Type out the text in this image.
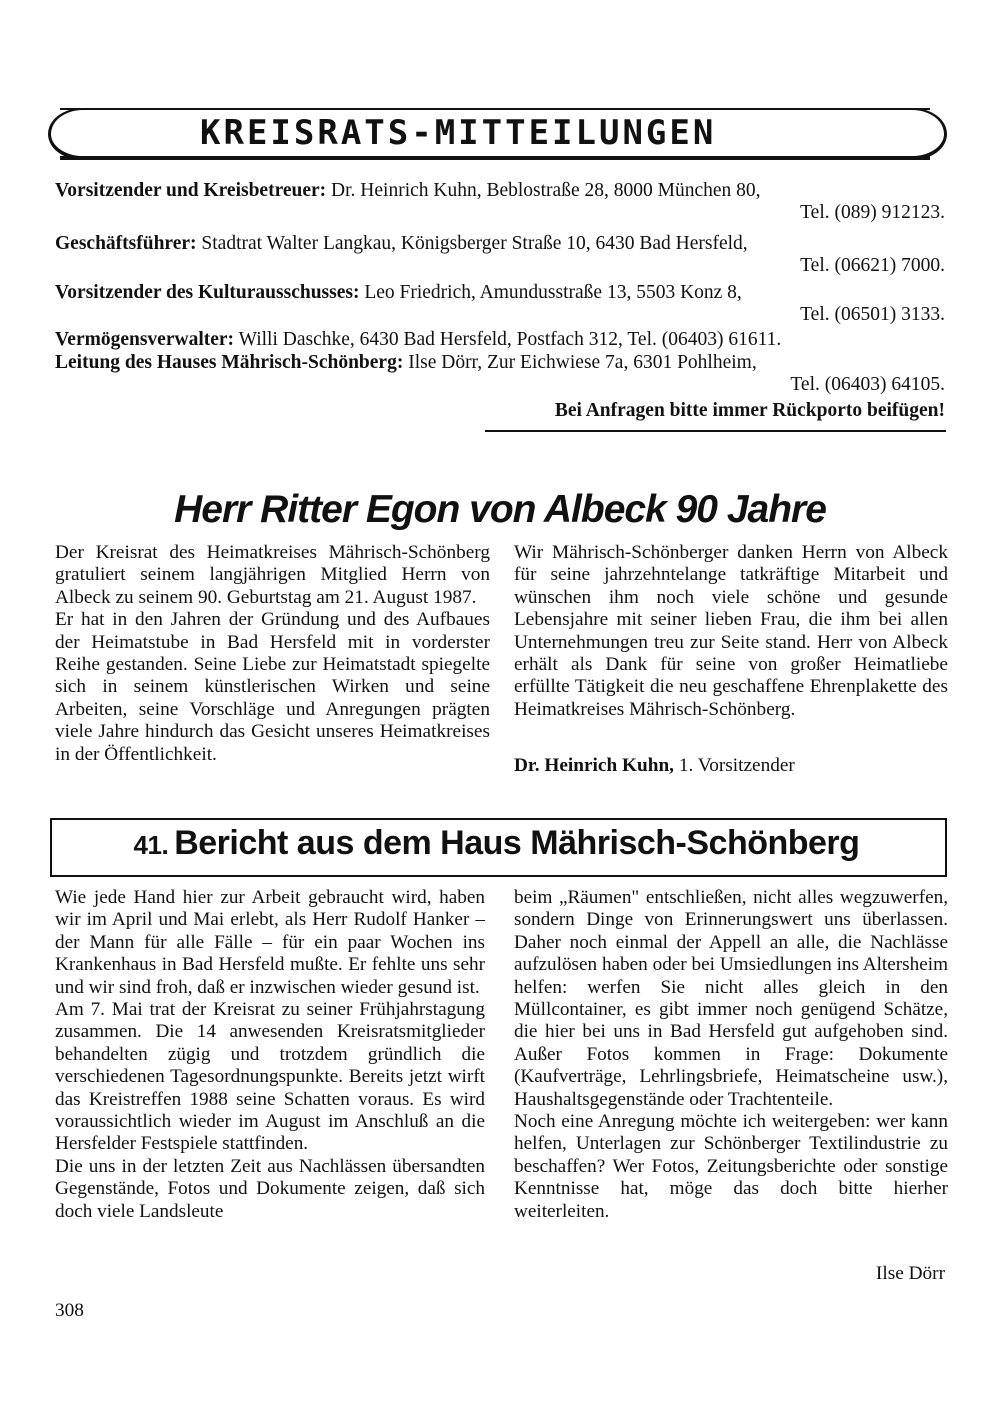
KREISRATS-MITTEILUNGEN
Vorsitzender und Kreisbetreuer: Dr. Heinrich Kuhn, Beblostraße 28, 8000 München 80,
Tel. (089) 912123.
Geschäftsführer: Stadtrat Walter Langkau, Königsberger Straße 10, 6430 Bad Hersfeld,
Tel. (06621) 7000.
Vorsitzender des Kulturausschusses: Leo Friedrich, Amundusstraße 13, 5503 Konz 8,
Tel. (06501) 3133.
Vermögensverwalter: Willi Daschke, 6430 Bad Hersfeld, Postfach 312, Tel. (06403) 61611.
Leitung des Hauses Mährisch-Schönberg: Ilse Dörr, Zur Eichwiese 7a, 6301 Pohlheim,
Tel. (06403) 64105.
Bei Anfragen bitte immer Rückporto beifügen!
Herr Ritter Egon von Albeck 90 Jahre

Der Kreisrat des Heimatkreises Mährisch-Schönberg gratuliert seinem langjährigen Mitglied Herrn von Albeck zu seinem 90. Geburtstag am 21. August 1987.

Er hat in den Jahren der Gründung und des Aufbaues der Heimatstube in Bad Hersfeld mit in vorderster Reihe gestanden. Seine Liebe zur Heimatstadt spiegelte sich in seinem künstlerischen Wirken und seine Arbeiten, seine Vorschläge und Anregungen prägten viele Jahre hindurch das Gesicht unseres Heimatkreises in der Öffentlichkeit.

Wir Mährisch-Schönberger danken Herrn von Albeck für seine jahrzehntelange tatkräftige Mitarbeit und wünschen ihm noch viele schöne und gesunde Lebensjahre mit seiner lieben Frau, die ihm bei allen Unternehmungen treu zur Seite stand. Herr von Albeck erhält als Dank für seine von großer Heimatliebe erfüllte Tätigkeit die neu geschaffene Ehrenplakette des Heimatkreises Mährisch-Schönberg.

Dr. Heinrich Kuhn, 1. Vorsitzender
41. Bericht aus dem Haus Mährisch-Schönberg

Wie jede Hand hier zur Arbeit gebraucht wird, haben wir im April und Mai erlebt, als Herr Rudolf Hanker – der Mann für alle Fälle – für ein paar Wochen ins Krankenhaus in Bad Hersfeld mußte. Er fehlte uns sehr und wir sind froh, daß er inzwischen wieder gesund ist.

Am 7. Mai trat der Kreisrat zu seiner Frühjahrstagung zusammen. Die 14 anwesenden Kreisratsmitglieder behandelten zügig und trotzdem gründlich die verschiedenen Tagesordnungspunkte. Bereits jetzt wirft das Kreistreffen 1988 seine Schatten voraus. Es wird voraussichtlich wieder im August im Anschluß an die Hersfelder Festspiele stattfinden.

Die uns in der letzten Zeit aus Nachlässen übersandten Gegenstände, Fotos und Dokumente zeigen, daß sich doch viele Landsleute

beim „Räumen" entschließen, nicht alles wegzuwerfen, sondern Dinge von Erinnerungswert uns überlassen. Daher noch einmal der Appell an alle, die Nachlässe aufzulösen haben oder bei Umsiedlungen ins Altersheim helfen: werfen Sie nicht alles gleich in den Müllcontainer, es gibt immer noch genügend Schätze, die hier bei uns in Bad Hersfeld gut aufgehoben sind. Außer Fotos kommen in Frage: Dokumente (Kaufverträge, Lehrlingsbriefe, Heimatscheine usw.), Haushaltsgegenstände oder Trachtenteile.

Noch eine Anregung möchte ich weitergeben: wer kann helfen, Unterlagen zur Schönberger Textilindustrie zu beschaffen? Wer Fotos, Zeitungsberichte oder sonstige Kenntnisse hat, möge das doch bitte hierher weiterleiten.

Ilse Dörr
308
